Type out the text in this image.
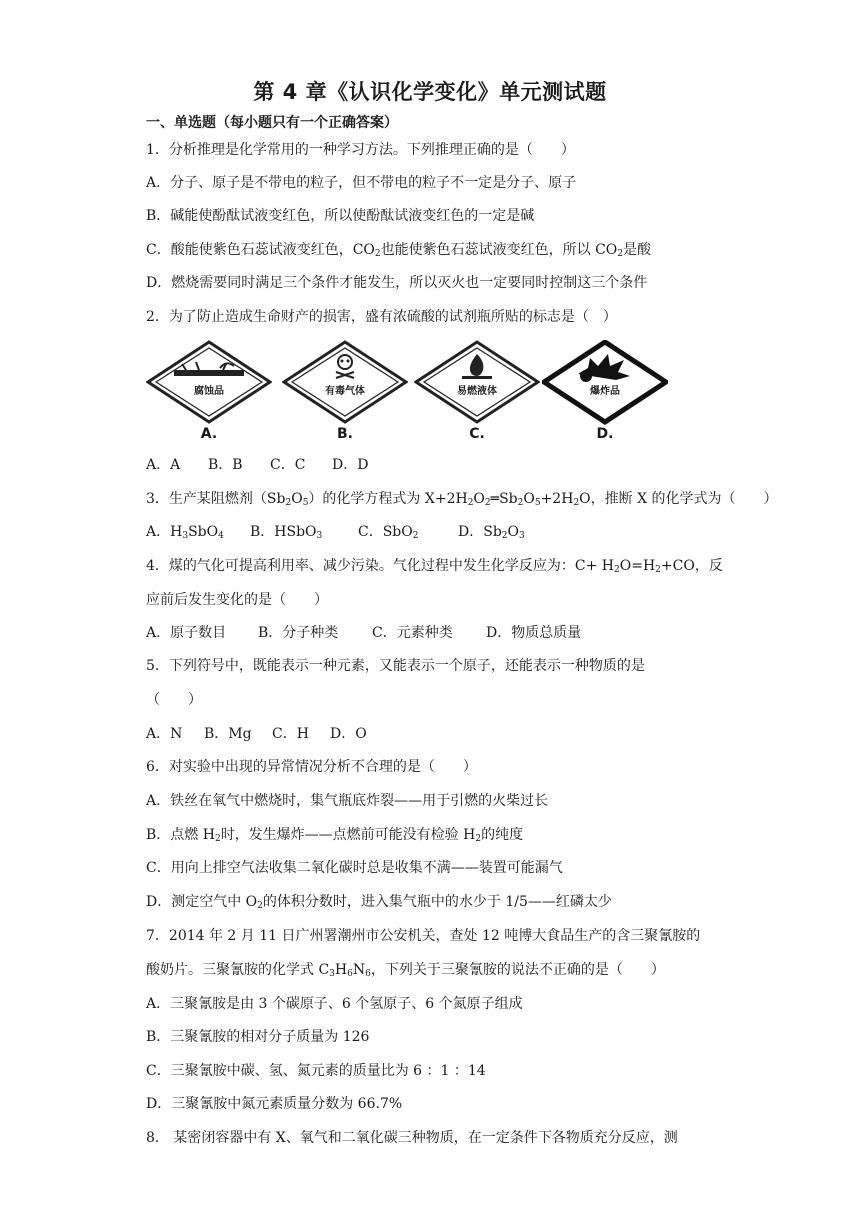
第 4 章《认识化学变化》单元测试题
一、单选题（每小题只有一个正确答案）
1．分析推理是化学常用的一种学习方法。下列推理正确的是（　　）
A．分子、原子是不带电的粒子，但不带电的粒子不一定是分子、原子
B．碱能使酚酞试液变红色，所以使酚酞试液变红色的一定是碱
C．酸能使紫色石蕊试液变红色，$CO_2$也能使紫色石蕊试液变红色，所以 $CO_2$是酸
D．燃烧需要同时满足三个条件才能发生，所以灭火也一定要同时控制这三个条件
2．为了防止造成生命财产的损害，盛有浓硫酸的试剂瓶所贴的标志是（　）
腐蚀品
A.
有毒气体
B.
易燃液体
C.
爆炸品
D.
A．A B．B C．C D．D
3．生产某阻燃剂$(Sb_2O_5)$的化学方程式为 $X+2H_2O_2═Sb_2O_5+2H_2O$，推断 X 的化学式为（　　）
A．$H_3SbO_4$ B．HSbO$_3$	C．SbO$_2$	D．$Sb_2O_3$
4．煤的气化可提高利用率、减少污染。气化过程中发生化学反应为：$C+ H_2O=H_2+CO$，反
应前后发生变化的是（　　）
A．原子数目 B．分子种类 C．元素种类 D．物质总质量
5．下列符号中，既能表示一种元素，又能表示一个原子，还能表示一种物质的是
（　　）
A．N B．Mg C．H D．O
6．对实验中出现的异常情况分析不合理的是（　　）
A．铁丝在氧气中燃烧时，集气瓶底炸裂——用于引燃的火柴过长
B．点燃 $H_2$时，发生爆炸——点燃前可能没有检验 $H_2$的纯度
C．用向上排空气法收集二氧化碳时总是收集不满——装置可能漏气
D．测定空气中 $O_2$的体积分数时，进入集气瓶中的水少于 1/5——红磷太少
7．2014 年 2 月 11 日广州署潮州市公安机关，查处 12 吨博大食品生产的含三聚氰胺的
酸奶片。三聚氰胺的化学式 $C_3H_6N_6$，下列关于三聚氰胺的说法不正确的是（　　）
A．三聚氰胺是由 3 个碳原子、6 个氢原子、6 个氮原子组成
B．三聚氰胺的相对分子质量为 126
C．三聚氰胺中碳、氢、氮元素的质量比为 6 ：1 ：14
D．三聚氰胺中氮元素质量分数为 66.7%
8． 某密闭容器中有 X、氧气和二氧化碳三种物质，在一定条件下各物质充分反应，测
